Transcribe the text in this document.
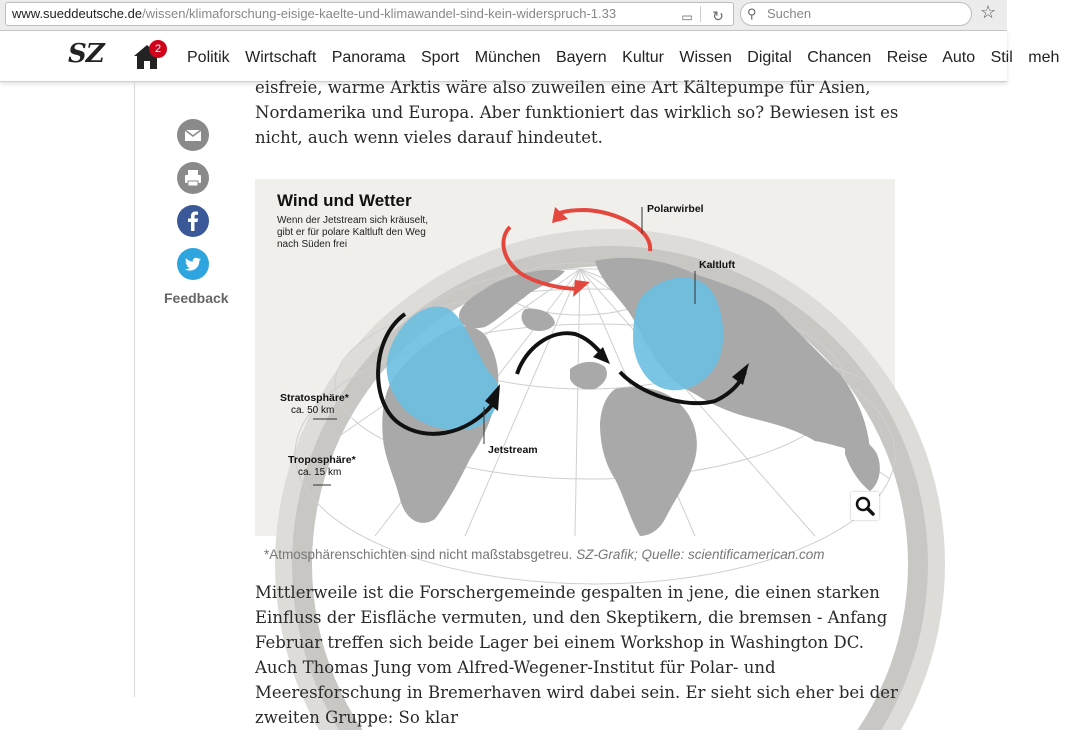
www.sueddeutsche.de/wissen/klimaforschung-eisige-kaelte-und-klimawandel-sind-kein-widerspruch-1.33	▭ ↻ ⚲ Suchen	☆
SZ	2	Politik Wirtschaft Panorama Sport München Bayern Kultur Wissen Digital Chancen Reise Auto Stil meh
Feedback
eisfreie, warme Arktis wäre also zuweilen eine Art Kältepumpe für Asien, Nordamerika und Europa. Aber funktioniert das wirklich so? Bewiesen ist es nicht, auch wenn vieles darauf hindeutet.
Wind und Wetter
Wenn der Jetstream sich kräuselt, gibt er für polare Kaltluft den Weg nach Süden frei
Polarwirbel
Kaltluft
Jetstream
Stratosphäre*
ca. 50 km
Troposphäre*
ca. 15 km
*Atmosphärenschichten sind nicht maßstabsgetreu. SZ-Grafik; Quelle: scientificamerican.com
Mittlerweile ist die Forschergemeinde gespalten in jene, die einen starken Einfluss der Eisfläche vermuten, und den Skeptikern, die bremsen - Anfang Februar treffen sich beide Lager bei einem Workshop in Washington DC. Auch Thomas Jung vom Alfred-Wegener-Institut für Polar- und Meeresforschung in Bremerhaven wird dabei sein. Er sieht sich eher bei der zweiten Gruppe: So klar
